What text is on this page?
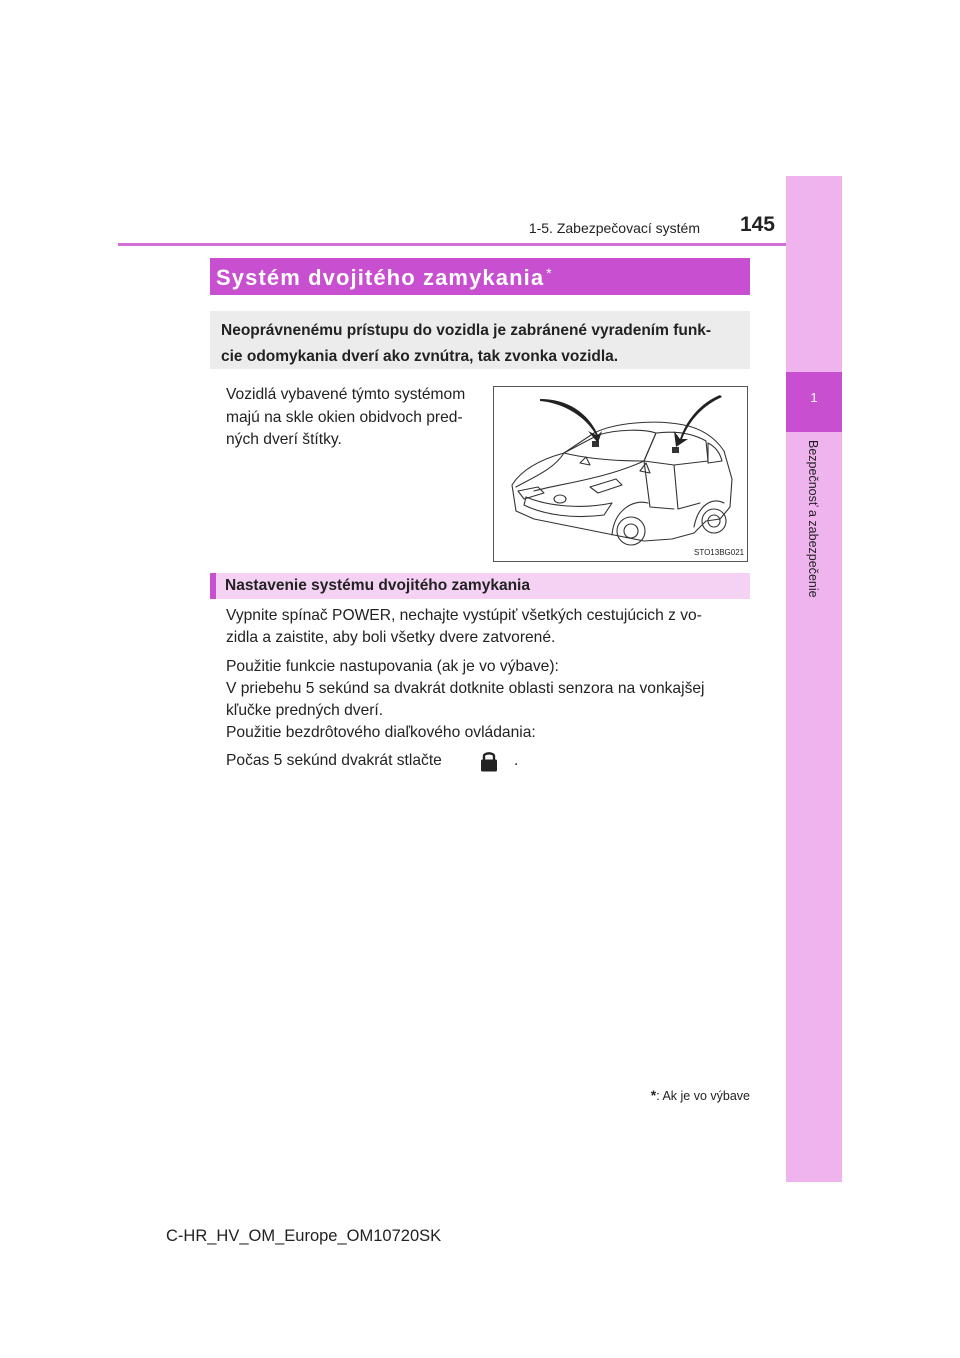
1
Bezpečnosť a zabezpečenie
1-5. Zabezpečovací systém	145
Systém dvojitého zamykania *
Neoprávnenému prístupu do vozidla je zabránené vyradením funk-
cie odomykania dverí ako zvnútra, tak zvonka vozidla.
Vozidlá vybavené týmto systémom
majú na skle okien obidvoch pred-
ných dverí štítky.
STO13BG021
Nastavenie systému dvojitého zamykania
Vypnite spínač POWER, nechajte vystúpiť všetkých cestujúcich z vo-
zidla a zaistite, aby boli všetky dvere zatvorené.
Použitie funkcie nastupovania (ak je vo výbave):
V priebehu 5 sekúnd sa dvakrát dotknite oblasti senzora na vonkajšej
kľučke predných dverí.
Použitie bezdrôtového diaľkového ovládania:
Počas 5 sekúnd dvakrát stlačte	.
*: Ak je vo výbave
C-HR_HV_OM_Europe_OM10720SK
